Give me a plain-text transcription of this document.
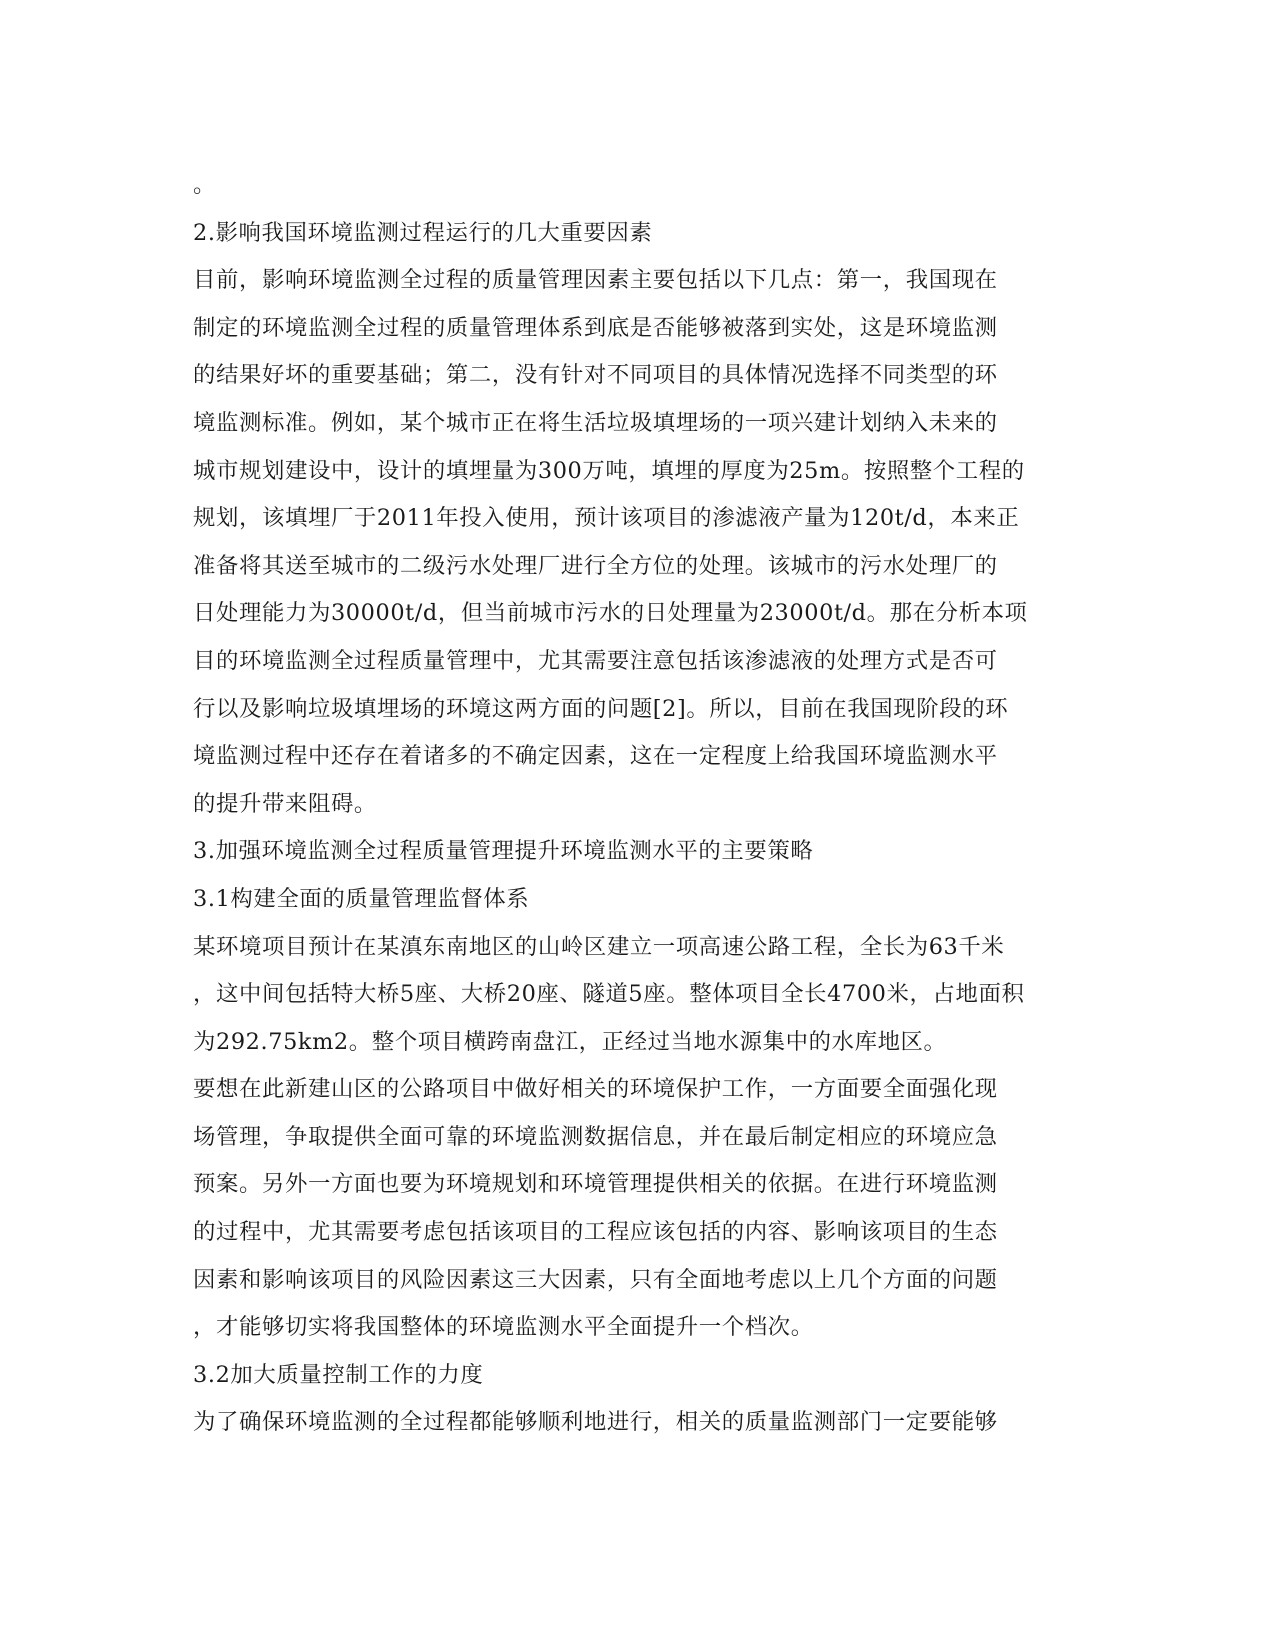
。
2.影响我国环境监测过程运行的几大重要因素
目前，影响环境监测全过程的质量管理因素主要包括以下几点：第一，我国现在
制定的环境监测全过程的质量管理体系到底是否能够被落到实处，这是环境监测
的结果好坏的重要基础；第二，没有针对不同项目的具体情况选择不同类型的环
境监测标准。例如，某个城市正在将生活垃圾填埋场的一项兴建计划纳入未来的
城市规划建设中，设计的填埋量为300万吨，填埋的厚度为25m。按照整个工程的
规划，该填埋厂于2011年投入使用，预计该项目的渗滤液产量为120t/d，本来正
准备将其送至城市的二级污水处理厂进行全方位的处理。该城市的污水处理厂的
日处理能力为30000t/d，但当前城市污水的日处理量为23000t/d。那在分析本项
目的环境监测全过程质量管理中，尤其需要注意包括该渗滤液的处理方式是否可
行以及影响垃圾填埋场的环境这两方面的问题[2]。所以，目前在我国现阶段的环
境监测过程中还存在着诸多的不确定因素，这在一定程度上给我国环境监测水平
的提升带来阻碍。
3.加强环境监测全过程质量管理提升环境监测水平的主要策略
3.1构建全面的质量管理监督体系
某环境项目预计在某滇东南地区的山岭区建立一项高速公路工程，全长为63千米
，这中间包括特大桥5座、大桥20座、隧道5座。整体项目全长4700米，占地面积
为292.75km2。整个项目横跨南盘江，正经过当地水源集中的水库地区。
要想在此新建山区的公路项目中做好相关的环境保护工作，一方面要全面强化现
场管理，争取提供全面可靠的环境监测数据信息，并在最后制定相应的环境应急
预案。另外一方面也要为环境规划和环境管理提供相关的依据。在进行环境监测
的过程中，尤其需要考虑包括该项目的工程应该包括的内容、影响该项目的生态
因素和影响该项目的风险因素这三大因素，只有全面地考虑以上几个方面的问题
，才能够切实将我国整体的环境监测水平全面提升一个档次。
3.2加大质量控制工作的力度
为了确保环境监测的全过程都能够顺利地进行，相关的质量监测部门一定要能够
